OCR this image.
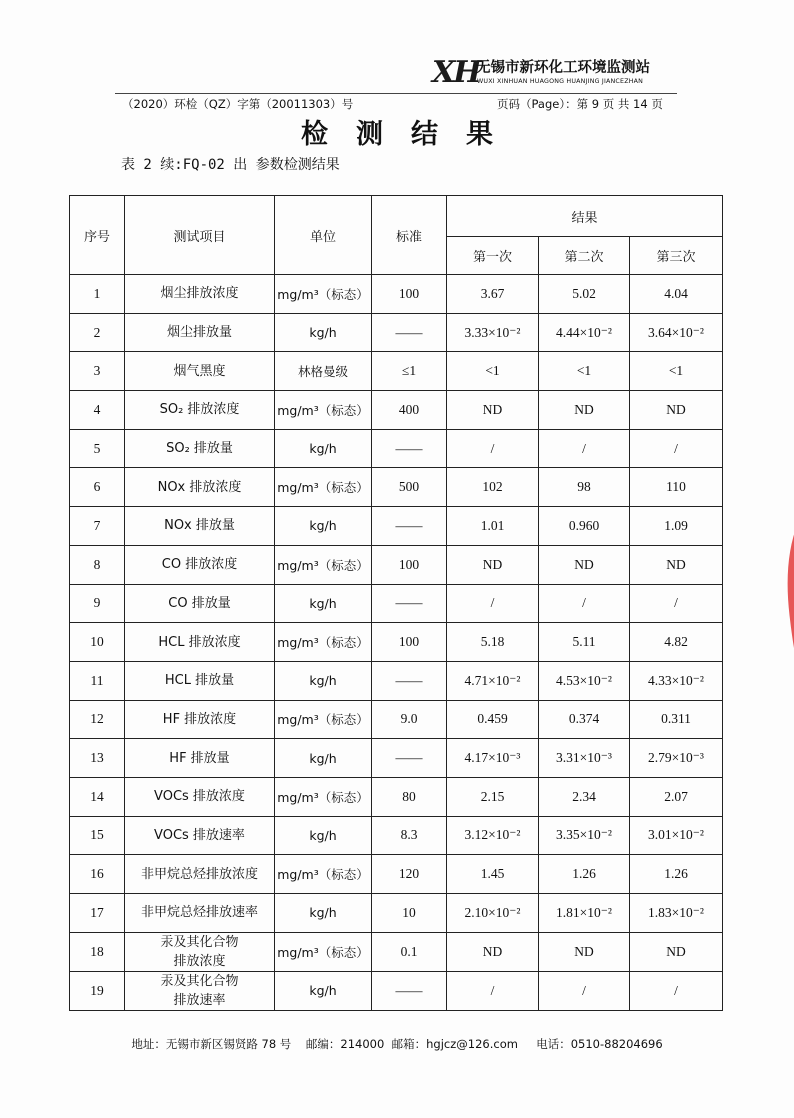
XH
无锡市新环化工环境监测站
WUXI XINHUAN HUAGONG HUANJING JIANCEZHAN
（2020）环检（QZ）字第（20011303）号	页码（Page）：第 9 页 共 14 页
检测结果
表 2 续:FQ-02 出 参数检测结果
序号	测试项目	单位	标准	结果		
				第一次	第二次	第三次
1	烟尘排放浓度	mg/m³（标态）	100	3.67	5.02	4.04
2	烟尘排放量	kg/h	——	3.33×10⁻²	4.44×10⁻²	3.64×10⁻²
3	烟气黑度	林格曼级	≤1	<1	<1	<1
4	SO₂ 排放浓度	mg/m³（标态）	400	ND	ND	ND
5	SO₂ 排放量	kg/h	——	/	/	/
6	NOx 排放浓度	mg/m³（标态）	500	102	98	110
7	NOx 排放量	kg/h	——	1.01	0.960	1.09
8	CO 排放浓度	mg/m³（标态）	100	ND	ND	ND
9	CO 排放量	kg/h	——	/	/	/
10	HCL 排放浓度	mg/m³（标态）	100	5.18	5.11	4.82
11	HCL 排放量	kg/h	——	4.71×10⁻²	4.53×10⁻²	4.33×10⁻²
12	HF 排放浓度	mg/m³（标态）	9.0	0.459	0.374	0.311
13	HF 排放量	kg/h	——	4.17×10⁻³	3.31×10⁻³	2.79×10⁻³
14	VOCs 排放浓度	mg/m³（标态）	80	2.15	2.34	2.07
15	VOCs 排放速率	kg/h	8.3	3.12×10⁻²	3.35×10⁻²	3.01×10⁻²
16	非甲烷总烃排放浓度	mg/m³（标态）	120	1.45	1.26	1.26
17	非甲烷总烃排放速率	kg/h	10	2.10×10⁻²	1.81×10⁻²	1.83×10⁻²
18	汞及其化合物
排放浓度	mg/m³（标态）	0.1	ND	ND	ND
19	汞及其化合物
排放速率	kg/h	——	/	/	/
地址：无锡市新区锡贤路 78 号    邮编：214000  邮箱：hgjcz@126.com     电话：0510-88204696
